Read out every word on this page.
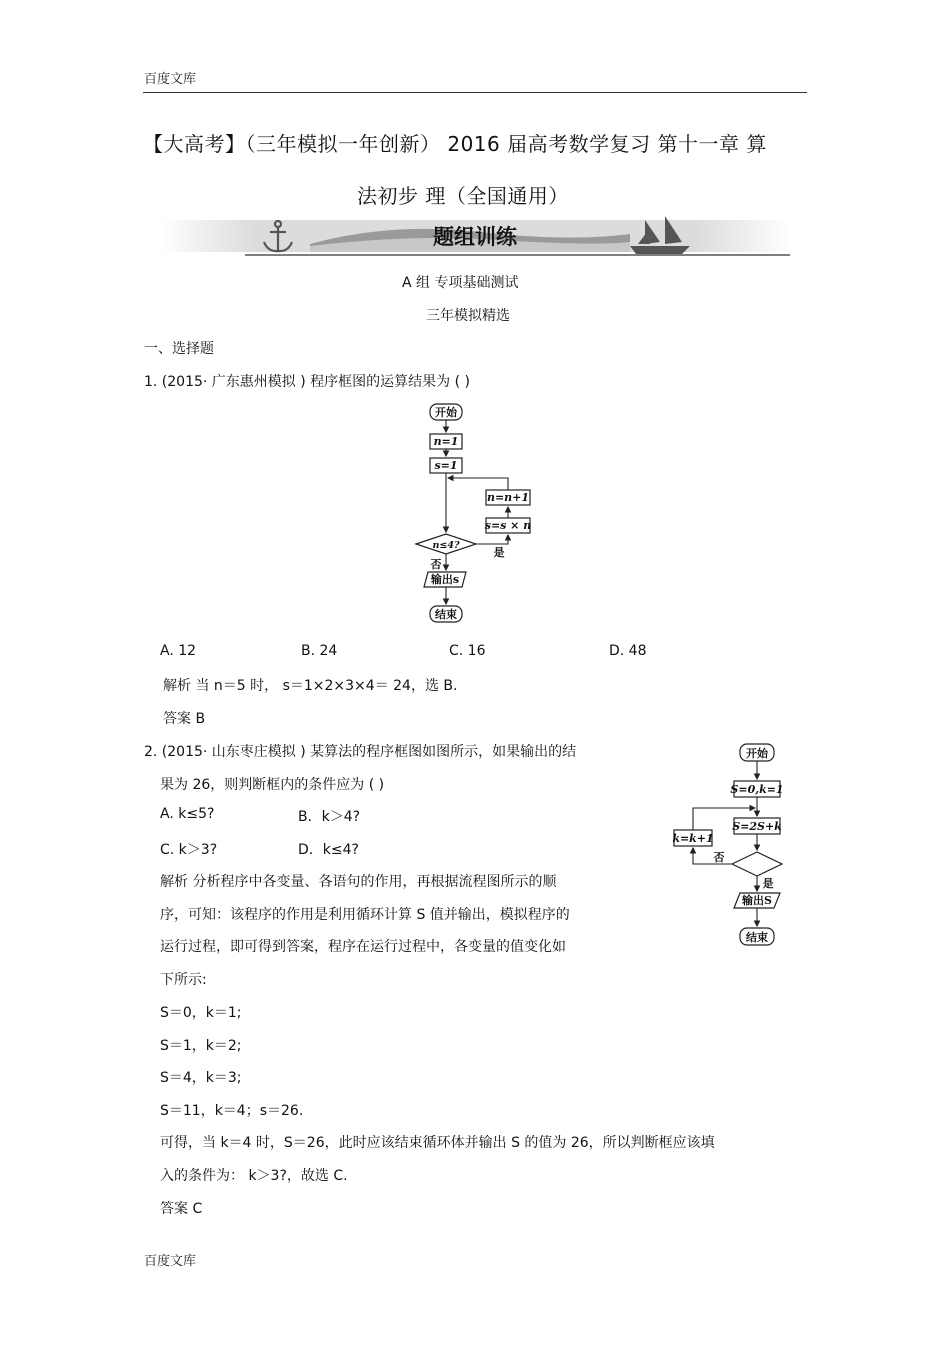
百度文库
【大高考】（三年模拟一年创新） 2016 届高考数学复习 第十一章 算
法初步 理（全国通用）
题组训练
A 组 专项基础测试
三年模拟精选
一、选择题
1. (2015· 广东惠州模拟 ) 程序框图的运算结果为 ( )
开始
n=1
s=1
n=n+1
s=s × n
n≤4?
是
否
输出s
结束
A. 12	B. 24	C. 16	D. 48
解析 当 n＝5 时， s＝1×2×3×4＝ 24，选 B.
答案 B
2. (2015· 山东枣庄模拟 ) 某算法的程序框图如图所示，如果输出的结
果为 26，则判断框内的条件应为 ( )
A. k≤5?	B．k＞4?
C. k＞3?	D．k≤4?
解析 分析程序中各变量、各语句的作用，再根据流程图所示的顺
序，可知：该程序的作用是利用循环计算 S 值并输出，模拟程序的
运行过程，即可得到答案，程序在运行过程中，各变量的值变化如
下所示:
S＝0，k＝1;
S＝1，k＝2;
S＝4，k＝3;
S＝11，k＝4；s＝26.
可得，当 k＝4 时，S＝26，此时应该结束循环体并输出 S 的值为 26，所以判断框应该填
入的条件为： k＞3?，故选 C.
答案 C
开始
S=0,k=1
S=2S+k
k=k+1
否
是
输出S
结束
百度文库
